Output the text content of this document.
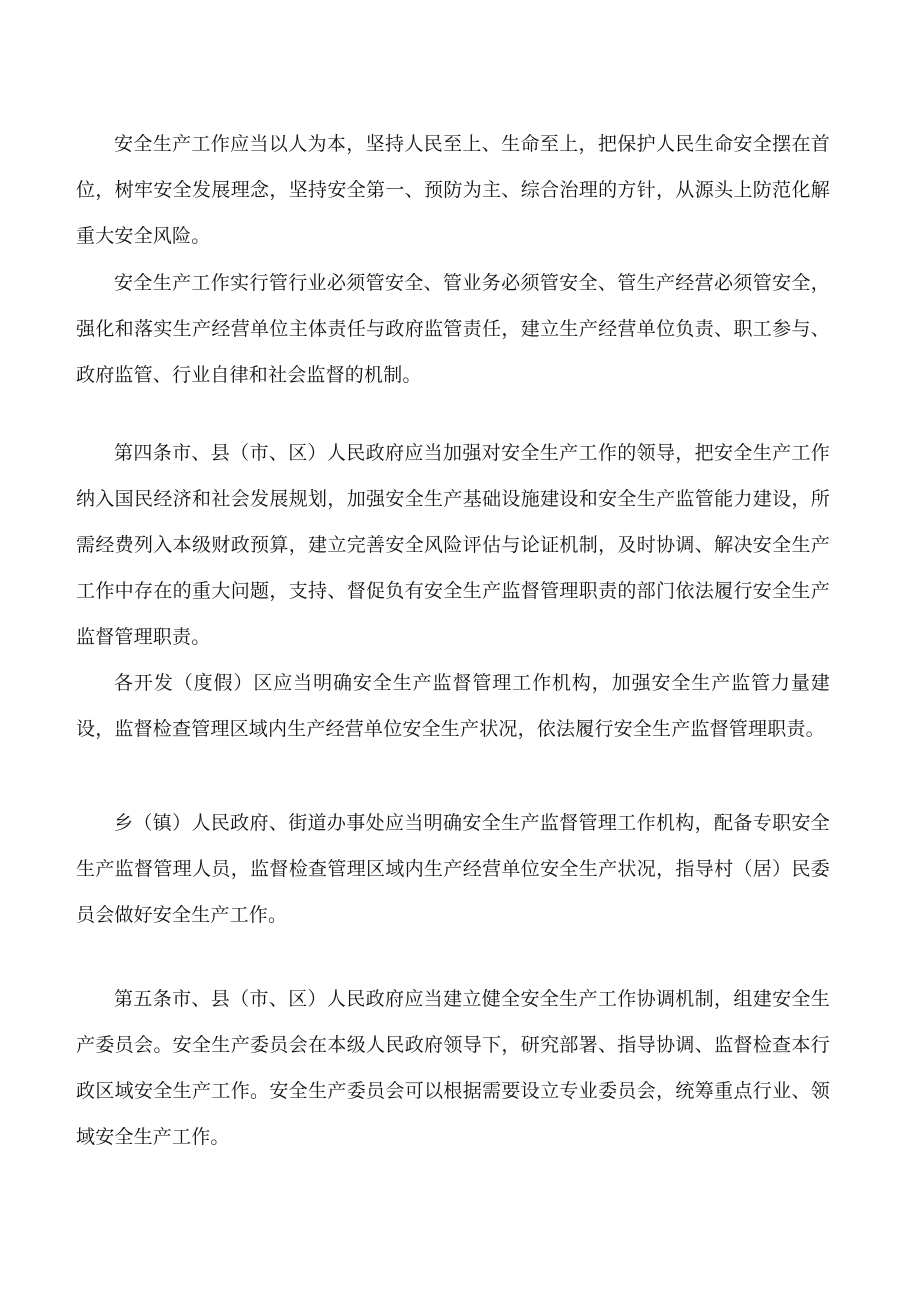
安全生产工作应当以人为本，坚持人民至上、生命至上，把保护人民生命安全摆在首位，树牢安全发展理念，坚持安全第一、预防为主、综合治理的方针，从源头上防范化解重大安全风险。

安全生产工作实行管行业必须管安全、管业务必须管安全、管生产经营必须管安全，强化和落实生产经营单位主体责任与政府监管责任，建立生产经营单位负责、职工参与、政府监管、行业自律和社会监督的机制。

第四条市、县（市、区）人民政府应当加强对安全生产工作的领导，把安全生产工作纳入国民经济和社会发展规划，加强安全生产基础设施建设和安全生产监管能力建设，所需经费列入本级财政预算，建立完善安全风险评估与论证机制，及时协调、解决安全生产工作中存在的重大问题，支持、督促负有安全生产监督管理职责的部门依法履行安全生产监督管理职责。

各开发（度假）区应当明确安全生产监督管理工作机构，加强安全生产监管力量建设，监督检查管理区域内生产经营单位安全生产状况，依法履行安全生产监督管理职责。

乡（镇）人民政府、街道办事处应当明确安全生产监督管理工作机构，配备专职安全生产监督管理人员，监督检查管理区域内生产经营单位安全生产状况，指导村（居）民委员会做好安全生产工作。

第五条市、县（市、区）人民政府应当建立健全安全生产工作协调机制，组建安全生产委员会。安全生产委员会在本级人民政府领导下，研究部署、指导协调、监督检查本行政区域安全生产工作。安全生产委员会可以根据需要设立专业委员会，统筹重点行业、领域安全生产工作。
